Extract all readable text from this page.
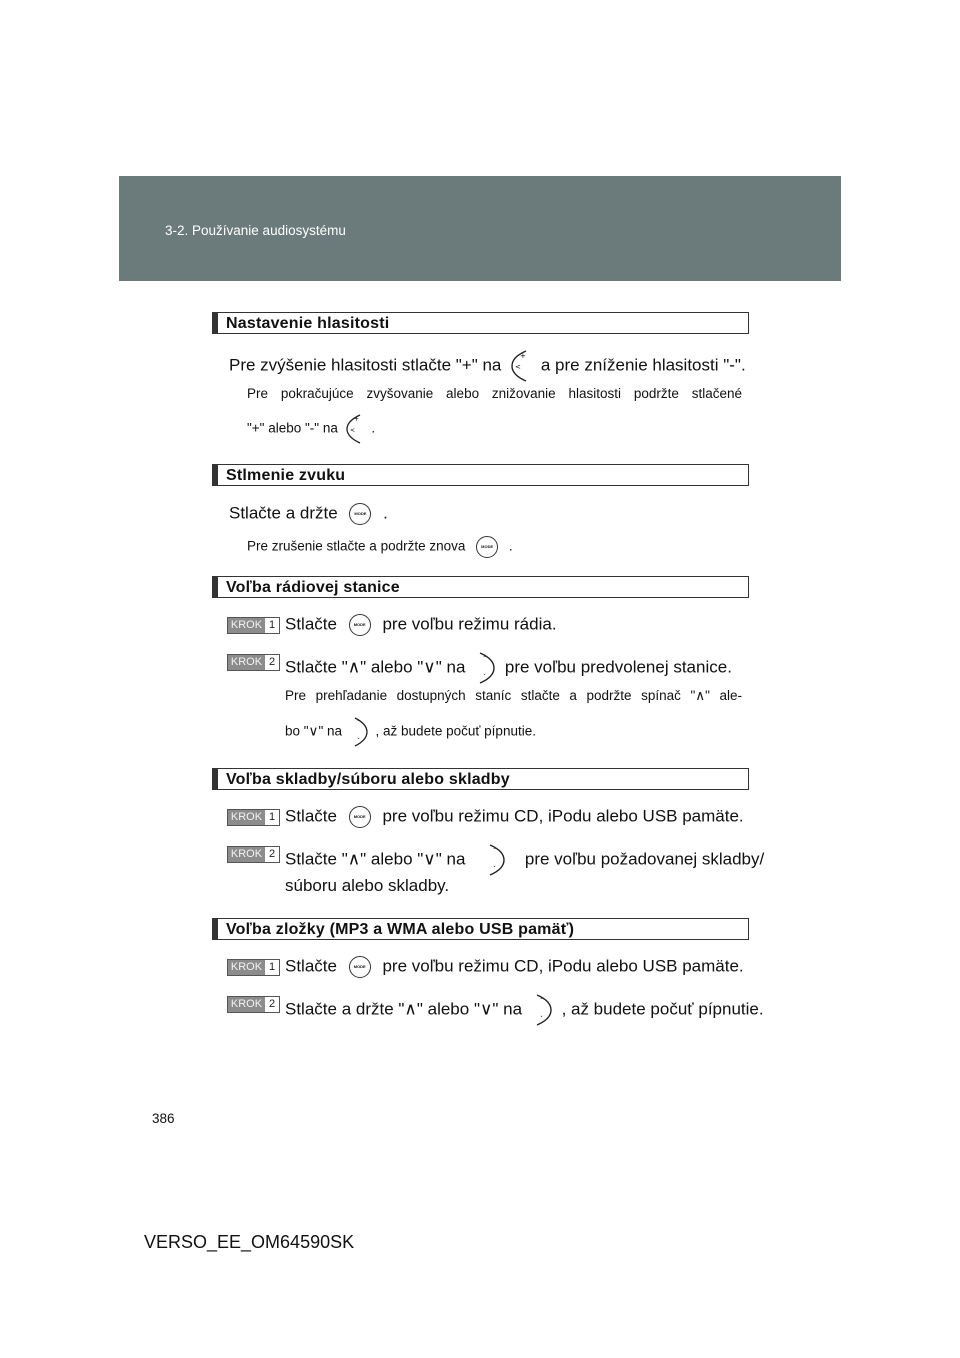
3-2. Používanie audiosystému
Nastavenie hlasitosti
Pre zvýšenie hlasitosti stlačte "+" na	+
< a pre zníženie hlasitosti "-".
Pre pokračujúce zvyšovanie alebo znižovanie hlasitosti podržte stlačené
"+" alebo "-" na
+
< .
Stlmenie zvuku
Stlačte a držte	MODE .
Pre zrušenie stlačte a podržte znova	MODE .
Voľba rádiovej stanice
KROK 1 Stlačte	MODE pre voľbu režimu rádia.
KROK 2 Stlačte "∧" alebo "∨" na	ˆ
ˇ
pre voľbu predvolenej stanice.
Pre prehľadanie dostupných staníc stlačte a podržte spínač "∧" ale-
bo "∨" na
ˆ
ˇ
, až budete počuť pípnutie.
Voľba skladby/súboru alebo skladby
KROK 1 Stlačte	MODE pre voľbu režimu CD, iPodu alebo USB pamäte.
KROK 2 Stlačte "∧" alebo "∨" na	ˆ
ˇ
pre voľbu požadovanej skladby/
súboru alebo skladby.
Voľba zložky (MP3 a WMA alebo USB pamäť)
KROK 1 Stlačte	MODE pre voľbu režimu CD, iPodu alebo USB pamäte.
KROK 2 Stlačte a držte "∧" alebo "∨" na	ˆ
ˇ
, až budete počuť pípnutie.
386
VERSO_EE_OM64590SK
